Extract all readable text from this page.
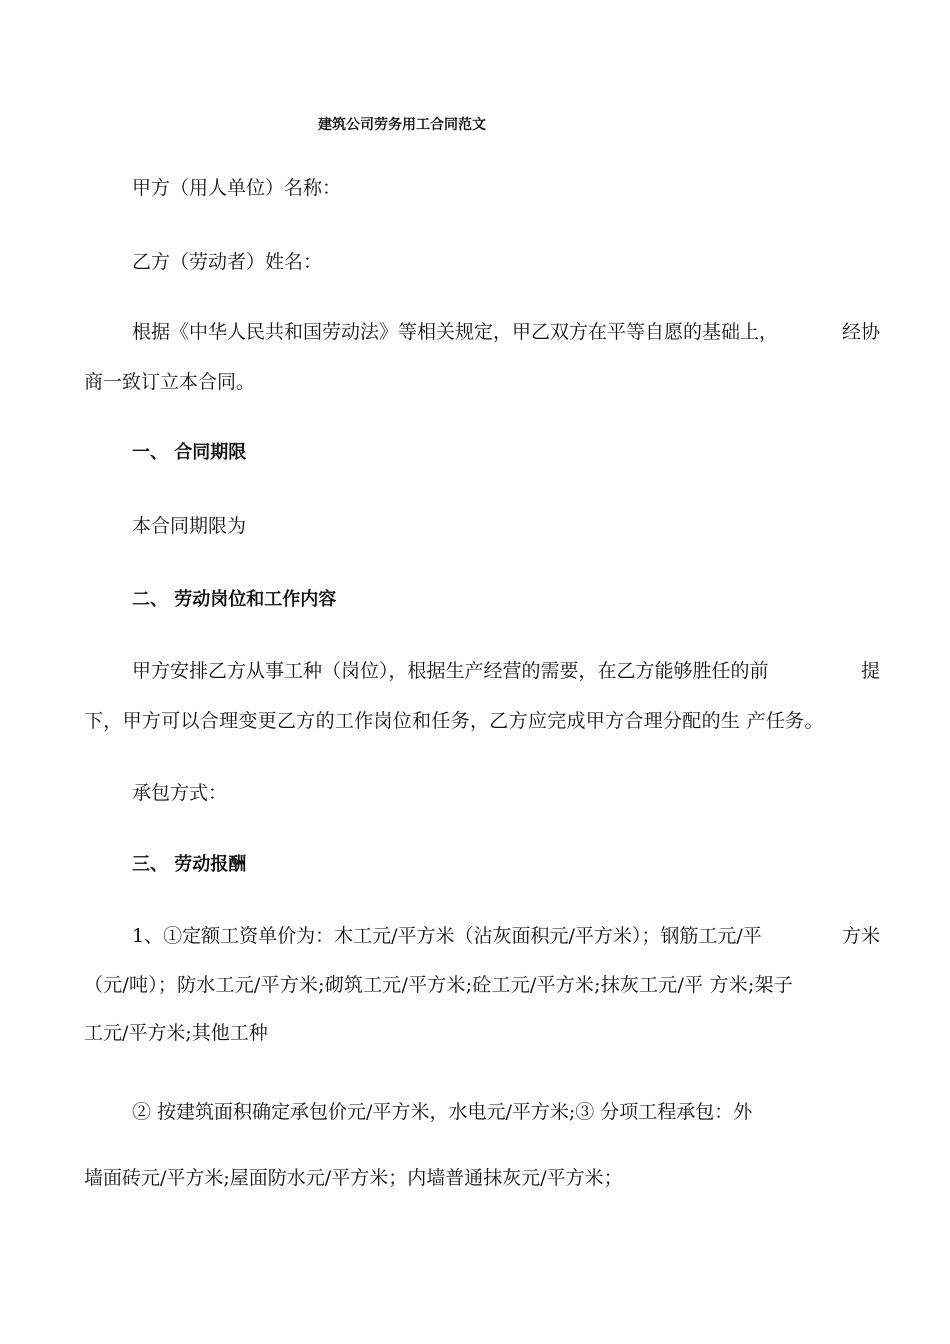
建筑公司劳务用工合同范文
甲方（用人单位）名称：
乙方（劳动者）姓名：
根据《中华人民共和国劳动法》等相关规定，甲乙双方在平等自愿的基础上，	经协
商一致订立本合同。
一、 合同期限
本合同期限为
二、 劳动岗位和工作内容
甲方安排乙方从事工种（岗位），根据生产经营的需要，在乙方能够胜任的前	提
下，甲方可以合理变更乙方的工作岗位和任务，乙方应完成甲方合理分配的生 产任务。
承包方式：
三、 劳动报酬
1、①定额工资单价为：木工元/平方米（沾灰面积元/平方米）；钢筋工元/平	方米
（元/吨）；防水工元/平方米;砌筑工元/平方米;砼工元/平方米;抹灰工元/平 方米;架子
工元/平方米;其他工种
② 按建筑面积确定承包价元/平方米，水电元/平方米;③ 分项工程承包：外
墙面砖元/平方米;屋面防水元/平方米；内墙普通抹灰元/平方米；
